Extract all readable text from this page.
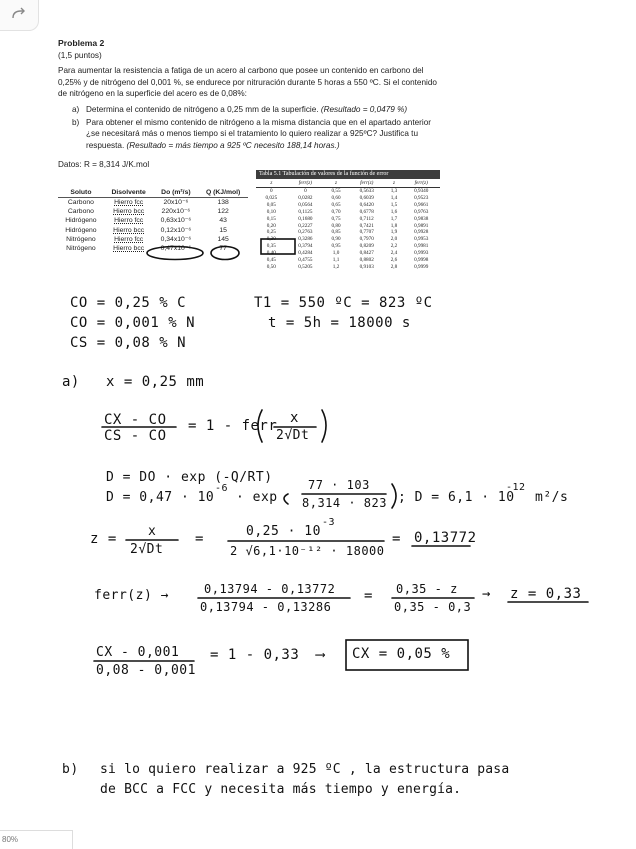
Problema 2
(1,5 puntos)
Para aumentar la resistencia a fatiga de un acero al carbono que posee un contenido en carbono del 0,25% y de nitrógeno del 0,001 %, se endurece por nitruración durante 5 horas a 550 ºC. Si el contenido de nitrógeno en la superficie del acero es de 0,08%:
a) Determina el contenido de nitrógeno a 0,25 mm de la superficie. (Resultado = 0,0479 %)
b) Para obtener el mismo contenido de nitrógeno a la misma distancia que en el apartado anterior ¿se necesitará más o menos tiempo si el tratamiento lo quiero realizar a 925ºC? Justifica tu respuesta. (Resultado = más tiempo a 925 ºC necesito 188,14 horas.)
Datos: R = 8,314 J/K.mol
Soluto	Disolvente	Do (m²/s)	Q (KJ/mol)
Carbono	Hierro fcc	20x10⁻⁶	138
Carbono	Hierro bcc	220x10⁻⁶	122
Hidrógeno	Hierro fcc	0,63x10⁻⁶	43
Hidrógeno	Hierro bcc	0,12x10⁻⁶	15
Nitrógeno	Hierro fcc	0,34x10⁻⁶	145
Nitrógeno	Hierro bcc	0,47x10⁻⁶	77
Tabla 5.1 Tabulación de valores de la función de error
z	ferr(z)	z	ferr(z)	z	ferr(z)
0	0	0,55	0,5633	1,3	0,9340
0,025	0,0282	0,60	0,6039	1,4	0,9523
0,05	0,0564	0,65	0,6420	1,5	0,9661
0,10	0,1125	0,70	0,6778	1,6	0,9763
0,15	0,1680	0,75	0,7112	1,7	0,9838
0,20	0,2227	0,80	0,7421	1,8	0,9891
0,25	0,2763	0,85	0,7707	1,9	0,9928
0,30	0,3286	0,90	0,7970	2,0	0,9953
0,35	0,3794	0,95	0,8209	2,2	0,9981
0,40	0,4284	1,0	0,8427	2,4	0,9993
0,45	0,4755	1,1	0,8802	2,6	0,9998
0,50	0,5205	1,2	0,9103	2,8	0,9999
CO = 0,25 % C
CO = 0,001 % N
CS = 0,08 % N
T1 = 550 ºC = 823 ºC
t = 5h = 18000 s
a) x = 0,25 mm
CX - CO
CS - CO
= 1 - ferr x
2√Dt
D = DO · exp (-Q/RT)
D = 0,47 · 10
-6
· exp
77 · 103
8,314 · 823 ; D = 6,1 · 10
-12
m²/s
z = x
2√Dt
=	0,25 · 10
-3
2 √6,1·10⁻¹² · 18000
= 0,13772
ferr(z) →	0,13794 - 0,13772
0,13794 - 0,13286
= 0,35 - z
0,35 - 0,3
→ z = 0,33
CX - 0,001
0,08 - 0,001
= 1 - 0,33 ⟶ CX = 0,05 %
b) si lo quiero realizar a 925 ºC , la estructura pasa
de BCC a FCC y necesita más tiempo y energía.
80%
